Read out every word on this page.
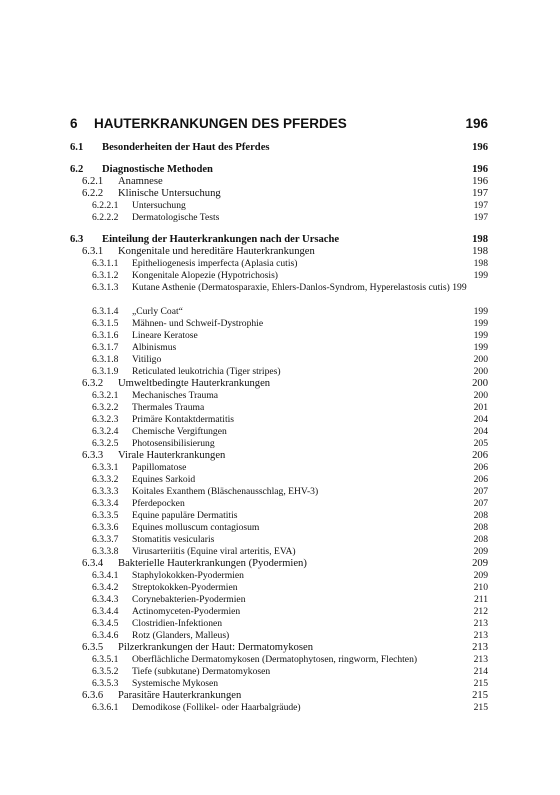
6 HAUTERKRANKUNGEN DES PFERDES	196
6.1 Besonderheiten der Haut des Pferdes	196
6.2 Diagnostische Methoden	196
6.2.1 Anamnese	196
6.2.2 Klinische Untersuchung	197
6.2.2.1 Untersuchung	197
6.2.2.2 Dermatologische Tests	197
6.3 Einteilung der Hauterkrankungen nach der Ursache	198
6.3.1 Kongenitale und hereditäre Hauterkrankungen	198
6.3.1.1 Epitheliogenesis imperfecta (Aplasia cutis)	198
6.3.1.2 Kongenitale Alopezie (Hypotrichosis)	199
6.3.1.3 Kutane Asthenie (Dermatosparaxie, Ehlers-Danlos-Syndrom, Hyperelastosis cutis) 199
6.3.1.4 „Curly Coat“	199
6.3.1.5 Mähnen- und Schweif-Dystrophie	199
6.3.1.6 Lineare Keratose	199
6.3.1.7 Albinismus	199
6.3.1.8 Vitiligo	200
6.3.1.9 Reticulated leukotrichia (Tiger stripes)	200
6.3.2 Umweltbedingte Hauterkrankungen	200
6.3.2.1 Mechanisches Trauma	200
6.3.2.2 Thermales Trauma	201
6.3.2.3 Primäre Kontaktdermatitis	204
6.3.2.4 Chemische Vergiftungen	204
6.3.2.5 Photosensibilisierung	205
6.3.3 Virale Hauterkrankungen	206
6.3.3.1 Papillomatose	206
6.3.3.2 Equines Sarkoid	206
6.3.3.3 Koitales Exanthem (Bläschenausschlag, EHV-3)	207
6.3.3.4 Pferdepocken	207
6.3.3.5 Equine papuläre Dermatitis	208
6.3.3.6 Equines molluscum contagiosum	208
6.3.3.7 Stomatitis vesicularis	208
6.3.3.8 Virusarteriitis (Equine viral arteritis, EVA)	209
6.3.4 Bakterielle Hauterkrankungen (Pyodermien)	209
6.3.4.1 Staphylokokken-Pyodermien	209
6.3.4.2 Streptokokken-Pyodermien	210
6.3.4.3 Corynebakterien-Pyodermien	211
6.3.4.4 Actinomyceten-Pyodermien	212
6.3.4.5 Clostridien-Infektionen	213
6.3.4.6 Rotz (Glanders, Malleus)	213
6.3.5 Pilzerkrankungen der Haut: Dermatomykosen	213
6.3.5.1 Oberflächliche Dermatomykosen (Dermatophytosen, ringworm, Flechten)	213
6.3.5.2 Tiefe (subkutane) Dermatomykosen	214
6.3.5.3 Systemische Mykosen	215
6.3.6 Parasitäre Hauterkrankungen	215
6.3.6.1 Demodikose (Follikel- oder Haarbalgräude)	215
